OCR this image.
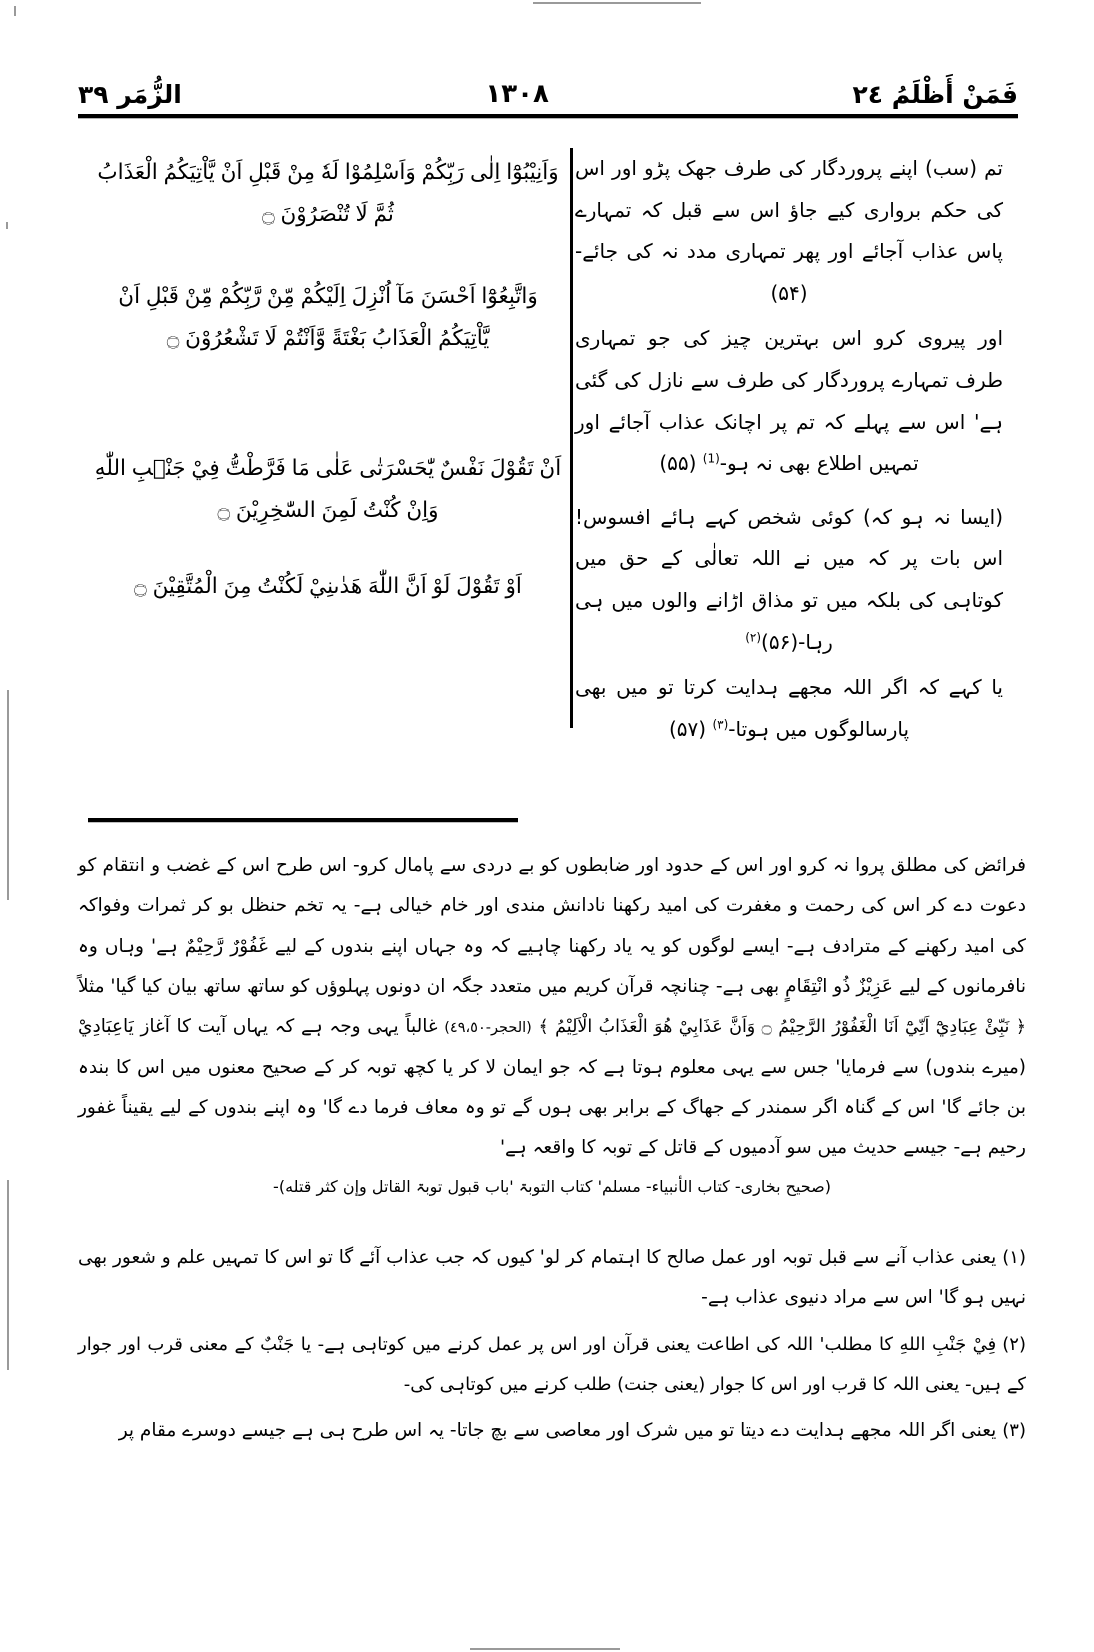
فَمَنْ أَظْلَمُ ٢٤
١٣٠٨
الزُّمَر ٣٩
وَاَنِيْبُوْٓا اِلٰى رَبِّكُمْ وَاَسْلِمُوْا لَهٗ مِنْ قَبْلِ اَنْ يَّاْتِيَكُمُ الْعَذَابُ ثُمَّ لَا تُنْصَرُوْنَ ۝
وَاتَّبِعُوْٓا اَحْسَنَ مَآ اُنْزِلَ اِلَيْكُمْ مِّنْ رَّبِّكُمْ مِّنْ قَبْلِ اَنْ يَّاْتِيَكُمُ الْعَذَابُ بَغْتَةً وَّاَنْتُمْ لَا تَشْعُرُوْنَ ۝
اَنْ تَقُوْلَ نَفْسٌ يّٰحَسْرَتٰى عَلٰى مَا فَرَّطْتُّ فِيْ جَنْۢبِ اللّٰهِ وَاِنْ كُنْتُ لَمِنَ السّٰخِرِيْنَ ۝
اَوْ تَقُوْلَ لَوْ اَنَّ اللّٰهَ هَدٰىنِيْ لَكُنْتُ مِنَ الْمُتَّقِيْنَ ۝

تم (سب) اپنے پروردگار کی طرف جھک پڑو اور اس کی حکم برواری کیے جاؤ اس سے قبل کہ تمہارے پاس عذاب آجائے اور پھر تمہاری مدد نہ کی جائے- (۵۴)

اور پیروی کرو اس بہترین چیز کی جو تمہاری طرف تمہارے پروردگار کی طرف سے نازل کی گئی ہے' اس سے پہلے کہ تم پر اچانک عذاب آجائے اور تمہیں اطلاع بھی نہ ہو-$^{(1)}$ (۵۵)

(ایسا نہ ہو کہ) کوئی شخص کہے ہائے افسوس! اس بات پر کہ میں نے اللہ تعالٰی کے حق میں کوتاہی کی بلکہ میں تو مذاق اڑانے والوں میں ہی رہا-(۵۶)$^{(۲)}$

یا کہے کہ اگر اللہ مجھے ہدایت کرتا تو میں بھی پارسالوگوں میں ہوتا-$^{(۳)}$ (۵۷)

فرائض کی مطلق پروا نہ کرو اور اس کے حدود اور ضابطوں کو بے دردی سے پامال کرو- اس طرح اس کے غضب و انتقام کو دعوت دے کر اس کی رحمت و مغفرت کی امید رکھنا نادانش مندی اور خام خیالی ہے- یہ تخم حنظل بو کر ثمرات وفواکہ کی امید رکھنے کے مترادف ہے- ایسے لوگوں کو یہ یاد رکھنا چاہیے کہ وہ جہاں اپنے بندوں کے لیے غَفُوْرٌ رَّحِيْمٌ ہے' وہاں وہ نافرمانوں کے لیے عَزِيْزٌ ذُو انْتِقَامٍ بھی ہے- چنانچہ قرآن کریم میں متعدد جگہ ان دونوں پہلوؤں کو ساتھ ساتھ بیان کیا گیا' مثلاً ﴿ نَبِّئْ عِبَادِيْٓ اَنِّيْٓ اَنَا الْغَفُوْرُ الرَّحِيْمُ ۝ وَاَنَّ عَذَابِيْ هُوَ الْعَذَابُ الْاَلِيْمُ ﴾ (الحجر-٤٩،٥٠) غالباً یہی وجہ ہے کہ یہاں آیت کا آغاز يَاعِبَادِيْ (میرے بندوں) سے فرمایا' جس سے یہی معلوم ہوتا ہے کہ جو ایمان لا کر یا کچھ توبہ کر کے صحیح معنوں میں اس کا بندہ بن جائے گا' اس کے گناہ اگر سمندر کے جھاگ کے برابر بھی ہوں گے تو وہ معاف فرما دے گا' وہ اپنے بندوں کے لیے یقیناً غفور رحیم ہے- جیسے حدیث میں سو آدمیوں کے قاتل کے توبہ کا واقعہ ہے'

(صحیح بخاری- کتاب الأنبیاء- مسلم' کتاب التوبۃ 'باب قبول توبۃ القاتل وإن کثر قتله)-

(١)یعنی عذاب آنے سے قبل توبہ اور عمل صالح کا اہتمام کر لو' کیوں کہ جب عذاب آئے گا تو اس کا تمہیں علم و شعور بھی نہیں ہو گا' اس سے مراد دنیوی عذاب ہے-

(٢)فِيْ جَنْبِ اللهِ کا مطلب' اللہ کی اطاعت یعنی قرآن اور اس پر عمل کرنے میں کوتاہی ہے- یا جَنْبٌ کے معنی قرب اور جوار کے ہیں- یعنی اللہ کا قرب اور اس کا جوار (یعنی جنت) طلب کرنے میں کوتاہی کی-

(٣)یعنی اگر اللہ مجھے ہدایت دے دیتا تو میں شرک اور معاصی سے بچ جاتا- یہ اس طرح ہی ہے جیسے دوسرے مقام پر
